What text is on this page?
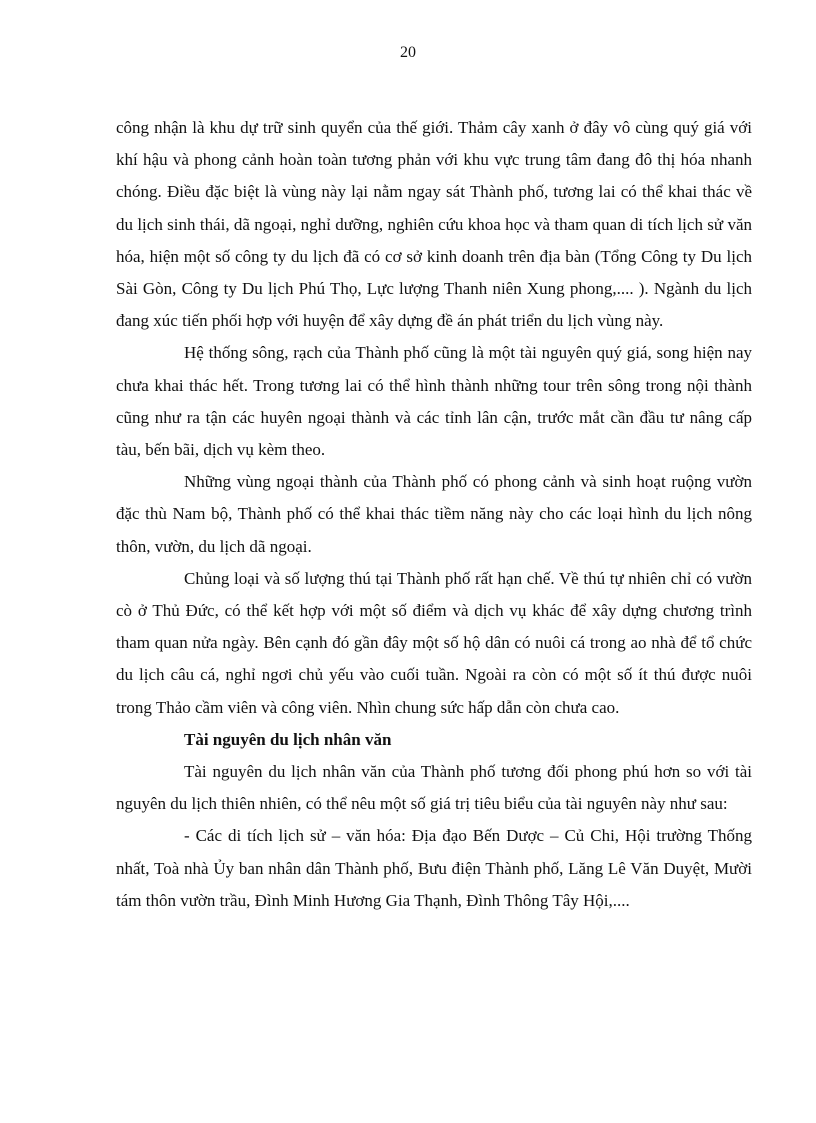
20

công nhận là khu dự trữ sinh quyển của thế giới. Thảm cây xanh ở đây vô cùng quý giá với khí hậu và phong cảnh hoàn toàn tương phản với khu vực trung tâm đang đô thị hóa nhanh chóng. Điều đặc biệt là vùng này lại nằm ngay sát Thành phố, tương lai có thể khai thác về du lịch sinh thái, dã ngoại, nghỉ dưỡng, nghiên cứu khoa học và tham quan di tích lịch sử văn hóa, hiện một số công ty du lịch đã có cơ sở kinh doanh trên địa bàn (Tổng Công ty Du lịch Sài Gòn, Công ty Du lịch Phú Thọ, Lực lượng Thanh niên Xung phong,.... ). Ngành du lịch đang xúc tiến phối hợp với huyện để xây dựng đề án phát triển du lịch vùng này.

Hệ thống sông, rạch của Thành phố cũng là một tài nguyên quý giá, song hiện nay chưa khai thác hết. Trong tương lai có thể hình thành những tour trên sông trong nội thành cũng như ra tận các huyên ngoại thành và các tỉnh lân cận, trước mắt cần đầu tư nâng cấp tàu, bến bãi, dịch vụ kèm theo.

Những vùng ngoại thành của Thành phố có phong cảnh và sinh hoạt ruộng vườn đặc thù Nam bộ, Thành phố có thể khai thác tiềm năng này cho các loại hình du lịch nông thôn, vườn, du lịch dã ngoại.

Chủng loại và số lượng thú tại Thành phố rất hạn chế. Về thú tự nhiên chỉ có vườn cò ở Thủ Đức, có thể kết hợp với một số điểm và dịch vụ khác để xây dựng chương trình tham quan nửa ngày. Bên cạnh đó gần đây một số hộ dân có nuôi cá trong ao nhà để tổ chức du lịch câu cá, nghỉ ngơi chủ yếu vào cuối tuần. Ngoài ra còn có một số ít thú được nuôi trong Thảo cầm viên và công viên. Nhìn chung sức hấp dẫn còn chưa cao.

Tài nguyên du lịch nhân văn

Tài nguyên du lịch nhân văn của Thành phố tương đối phong phú hơn so với tài nguyên du lịch thiên nhiên, có thể nêu một số giá trị tiêu biểu của tài nguyên này như sau:

- Các di tích lịch sử – văn hóa: Địa đạo Bến Dược – Củ Chi, Hội trường Thống nhất, Toà nhà Ủy ban nhân dân Thành phố, Bưu điện Thành phố, Lăng Lê Văn Duyệt, Mười tám thôn vườn trầu, Đình Minh Hương Gia Thạnh, Đình Thông Tây Hội,....
